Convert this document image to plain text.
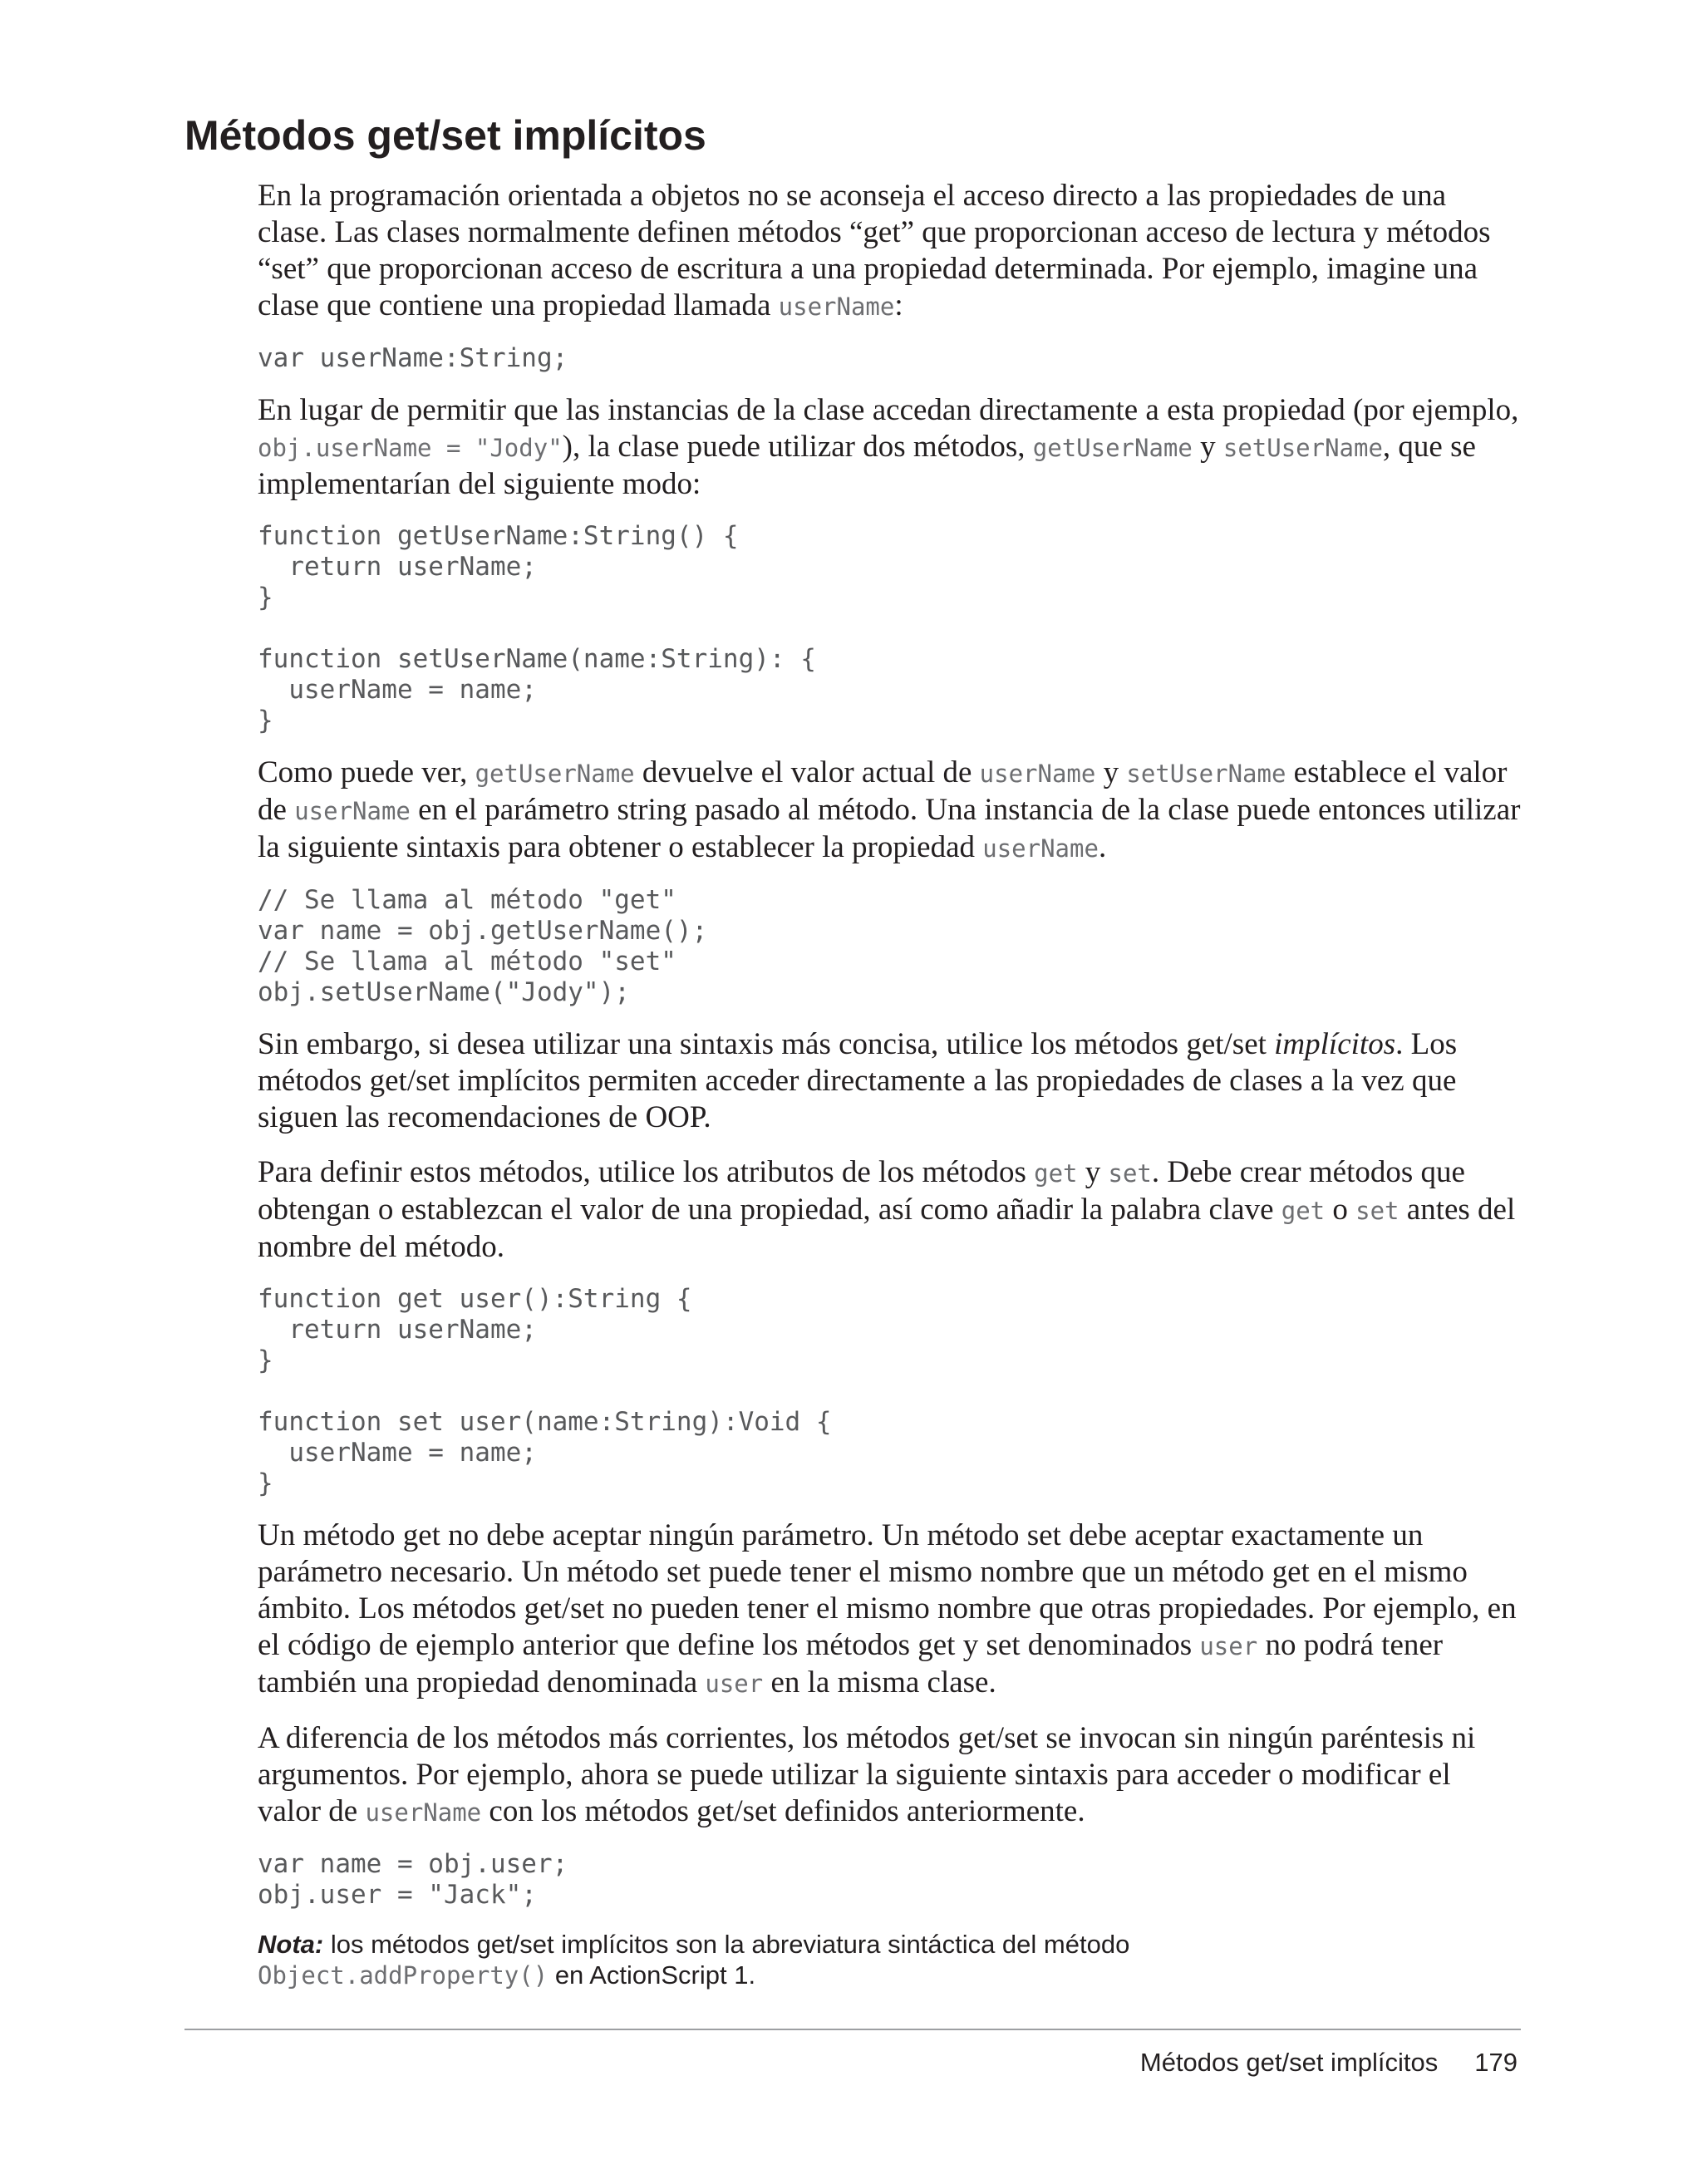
Métodos get/set implícitos

En la programación orientada a objetos no se aconseja el acceso directo a las propiedades de una clase. Las clases normalmente definen métodos “get” que proporcionan acceso de lectura y métodos “set” que proporcionan acceso de escritura a una propiedad determinada. Por ejemplo, imagine una clase que contiene una propiedad llamada userName:

var userName:String;

En lugar de permitir que las instancias de la clase accedan directamente a esta propiedad (por ejemplo, obj.userName = "Jody"), la clase puede utilizar dos métodos, getUserName y setUserName, que se implementarían del siguiente modo:

function getUserName:String() {
return userName;
}

function setUserName(name:String): {
userName = name;
}

Como puede ver, getUserName devuelve el valor actual de userName y setUserName establece el valor de userName en el parámetro string pasado al método. Una instancia de la clase puede entonces utilizar la siguiente sintaxis para obtener o establecer la propiedad userName.

// Se llama al método "get"
var name = obj.getUserName();
// Se llama al método "set"
obj.setUserName("Jody");

Sin embargo, si desea utilizar una sintaxis más concisa, utilice los métodos get/set implícitos. Los métodos get/set implícitos permiten acceder directamente a las propiedades de clases a la vez que siguen las recomendaciones de OOP.

Para definir estos métodos, utilice los atributos de los métodos get y set. Debe crear métodos que obtengan o establezcan el valor de una propiedad, así como añadir la palabra clave get o set antes del nombre del método.

function get user():String {
return userName;
}

function set user(name:String):Void {
userName = name;
}

Un método get no debe aceptar ningún parámetro. Un método set debe aceptar exactamente un parámetro necesario. Un método set puede tener el mismo nombre que un método get en el mismo ámbito. Los métodos get/set no pueden tener el mismo nombre que otras propiedades. Por ejemplo, en el código de ejemplo anterior que define los métodos get y set denominados user no podrá tener también una propiedad denominada user en la misma clase.

A diferencia de los métodos más corrientes, los métodos get/set se invocan sin ningún paréntesis ni argumentos. Por ejemplo, ahora se puede utilizar la siguiente sintaxis para acceder o modificar el valor de userName con los métodos get/set definidos anteriormente.

var name = obj.user;
obj.user = "Jack";

Nota: los métodos get/set implícitos son la abreviatura sintáctica del método
Object.addProperty() en ActionScript 1.

Métodos get/set implícitos 179
